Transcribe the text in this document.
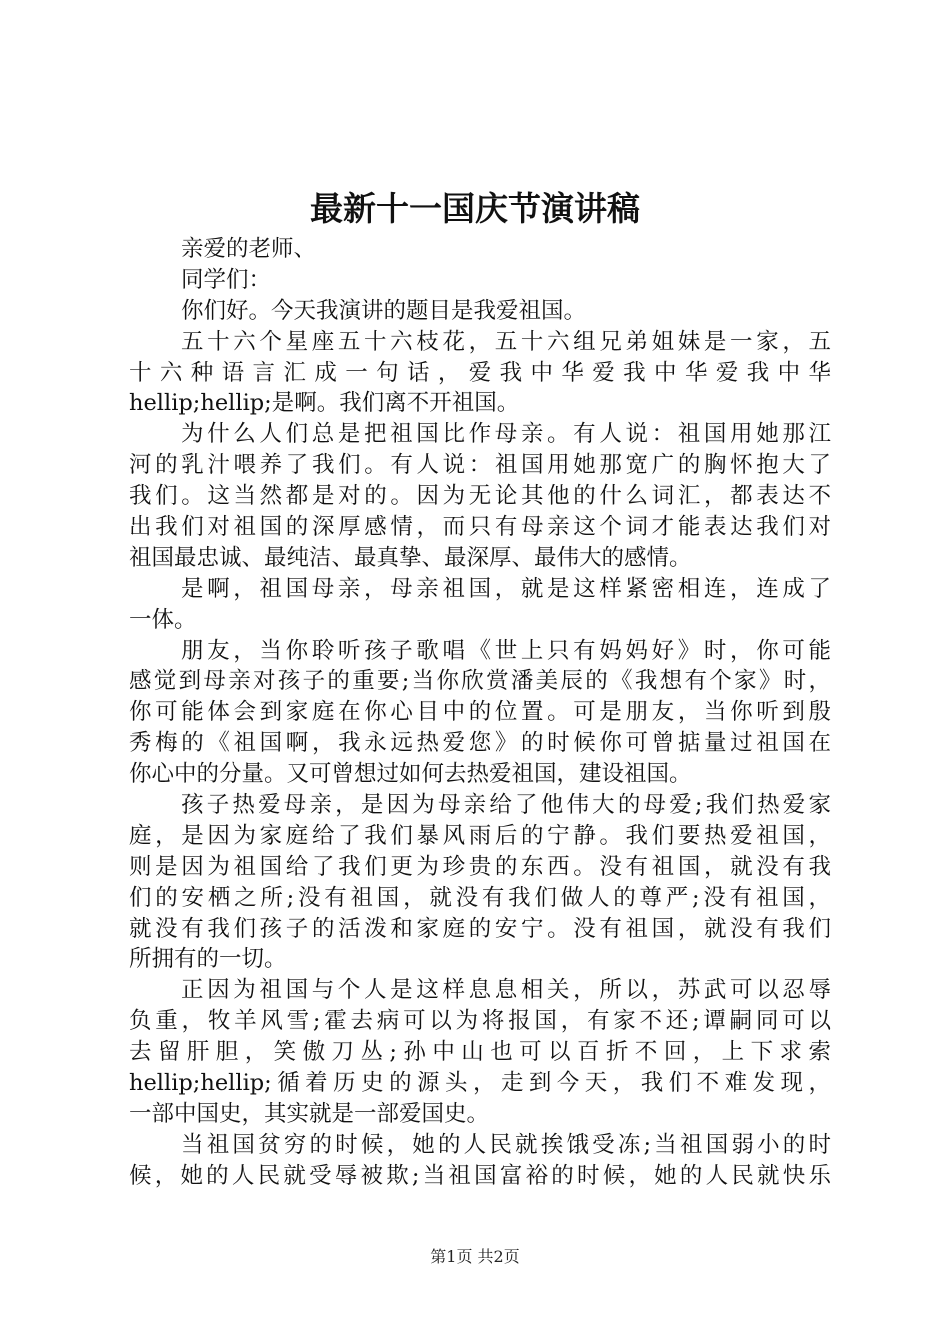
最新十一国庆节演讲稿
亲爱的老师、
同学们：
你们好。今天我演讲的题目是我爱祖国。
五十六个星座五十六枝花，五十六组兄弟姐妹是一家，五
十六种语言汇成一句话，爱我中华爱我中华爱我中华
hellip;hellip;是啊。我们离不开祖国。
为什么人们总是把祖国比作母亲。有人说：祖国用她那江
河的乳汁喂养了我们。有人说：祖国用她那宽广的胸怀抱大了
我们。这当然都是对的。因为无论其他的什么词汇，都表达不
出我们对祖国的深厚感情，而只有母亲这个词才能表达我们对
祖国最忠诚、最纯洁、最真挚、最深厚、最伟大的感情。
是啊，祖国母亲，母亲祖国，就是这样紧密相连，连成了
一体。
朋友，当你聆听孩子歌唱《世上只有妈妈好》时，你可能
感觉到母亲对孩子的重要;当你欣赏潘美辰的《我想有个家》时，
你可能体会到家庭在你心目中的位置。可是朋友，当你听到殷
秀梅的《祖国啊，我永远热爱您》的时候你可曾掂量过祖国在
你心中的分量。又可曾想过如何去热爱祖国，建设祖国。
孩子热爱母亲，是因为母亲给了他伟大的母爱;我们热爱家
庭，是因为家庭给了我们暴风雨后的宁静。我们要热爱祖国，
则是因为祖国给了我们更为珍贵的东西。没有祖国，就没有我
们的安栖之所;没有祖国，就没有我们做人的尊严;没有祖国，
就没有我们孩子的活泼和家庭的安宁。没有祖国，就没有我们
所拥有的一切。
正因为祖国与个人是这样息息相关，所以，苏武可以忍辱
负重，牧羊风雪;霍去病可以为将报国，有家不还;谭嗣同可以
去留肝胆，笑傲刀丛;孙中山也可以百折不回，上下求索
hellip;hellip;循着历史的源头，走到今天，我们不难发现，
一部中国史，其实就是一部爱国史。
当祖国贫穷的时候，她的人民就挨饿受冻;当祖国弱小的时
候，她的人民就受辱被欺;当祖国富裕的时候，她的人民就快乐
第1页 共2页
